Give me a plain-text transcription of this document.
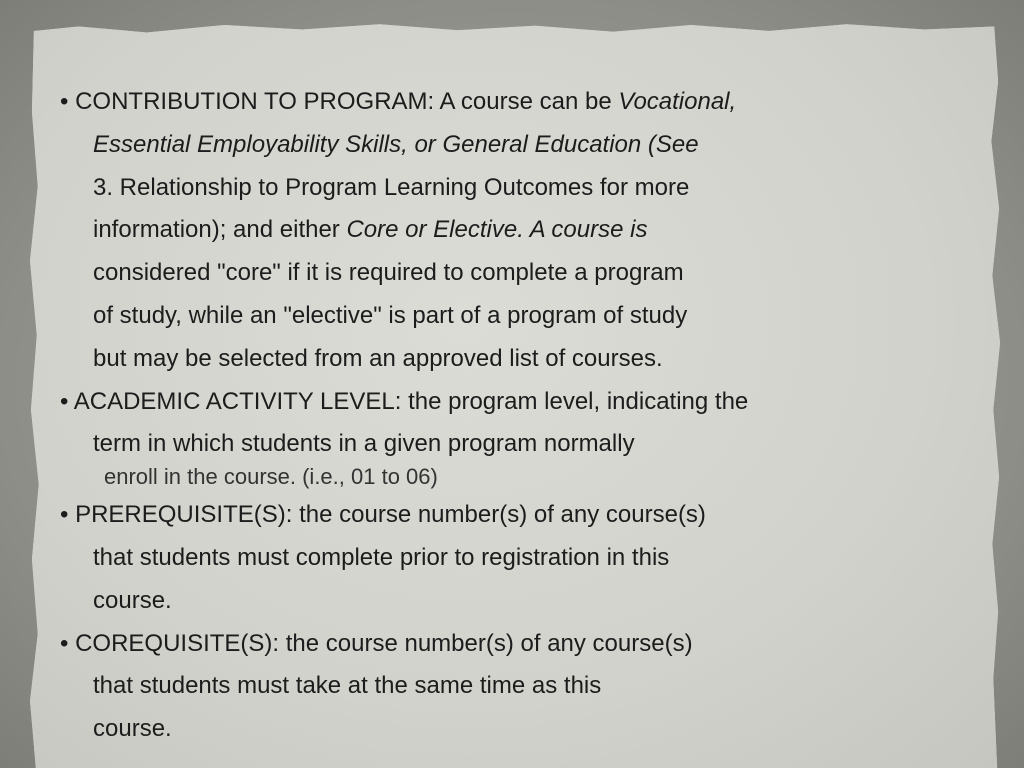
• CONTRIBUTION TO PROGRAM: A course can be Vocational,
Essential Employability Skills, or General Education (See
3. Relationship to Program Learning Outcomes for more
information); and either Core or Elective. A course is
considered "core" if it is required to complete a program
of study, while an "elective" is part of a program of study
but may be selected from an approved list of courses.
• ACADEMIC ACTIVITY LEVEL: the program level, indicating the
term in which students in a given program normally
enroll in the course. (i.e., 01 to 06)
• PREREQUISITE(S): the course number(s) of any course(s)
that students must complete prior to registration in this
course.
• COREQUISITE(S): the course number(s) of any course(s)
that students must take at the same time as this
course.
